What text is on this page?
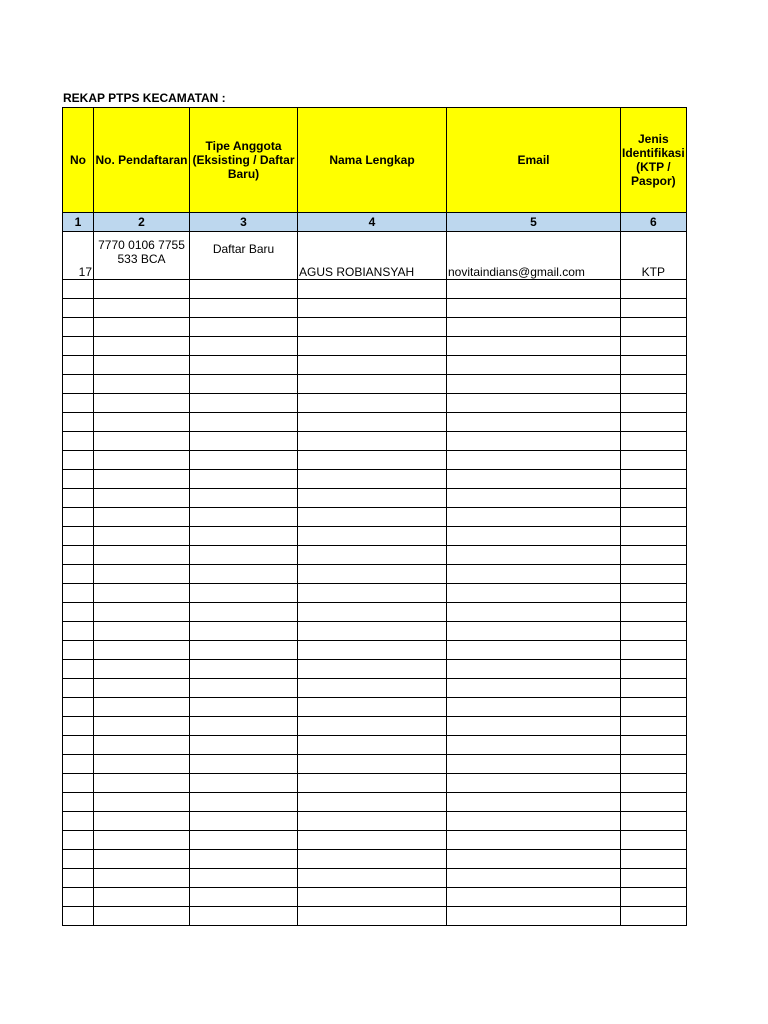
REKAP PTPS KECAMATAN :
No	No. Pendaftaran	Tipe Anggota (Eksisting / Daftar Baru)	Nama Lengkap	Email	Jenis Identifikasi (KTP / Paspor)
1	2	3	4	5	6
17	7770 0106 7755 533 BCA	Daftar Baru	AGUS ROBIANSYAH	novitaindians@gmail.com	KTP
